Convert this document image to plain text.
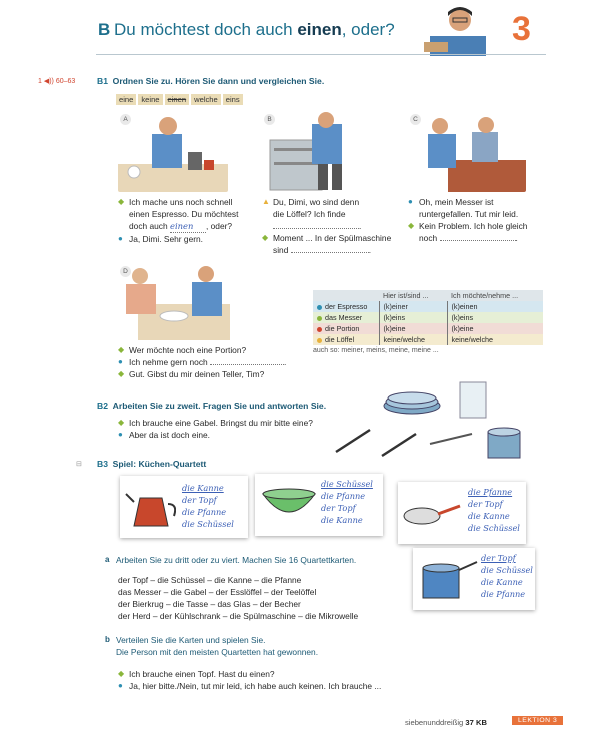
B Du möchtest doch auch einen, oder?	3
1 ◀)) 60–63	B1 Ordnen Sie zu. Hören Sie dann und vergleichen Sie.
eine	keine	einen	welche	eins
A	B	C
◆ Ich mache uns noch schnell
einen Espresso. Du möchtest
doch auch einen , oder?
● Ja, Dimi. Sehr gern.
▲ Du, Dimi, wo sind denn
die Löffel? Ich finde
.
◆ Moment ... In der Spülmaschine
sind
	.
● Oh, mein Messer ist
runtergefallen. Tut mir leid.
◆ Kein Problem. Ich hole gleich
noch
	.
D
◆ Wer möchte noch eine Portion?
● Ich nehme gern noch
	.
◆ Gut. Gibst du mir deinen Teller, Tim?
	Hier ist/sind ...	Ich möchte/nehme ...
der Espresso	(k)einer	(k)einen
das Messer	(k)eins	(k)eins
die Portion	(k)eine	(k)eine
die Löffel	keine/welche	keine/welche
auch so: meiner, meins, meine, meine ...
B2 Arbeiten Sie zu zweit. Fragen Sie und antworten Sie.
◆ Ich brauche eine Gabel. Bringst du mir bitte eine?
● Aber da ist doch eine.
⊟ B3 Spiel: Küchen-Quartett
die Kanne
der Topf
die Pfanne
die Schüssel
die Schüssel
die Pfanne
der Topf
die Kanne
die Pfanne
der Topf
die Kanne
die Schüssel
der Topf
die Schüssel
die Kanne
die Pfanne
a Arbeiten Sie zu dritt oder zu viert. Machen Sie 16 Quartettkarten.
der Topf – die Schüssel – die Kanne – die Pfanne
das Messer – die Gabel – der Esslöffel – der Teelöffel
der Bierkrug – die Tasse – das Glas – der Becher
der Herd – der Kühlschrank – die Spülmaschine – die Mikrowelle
b Verteilen Sie die Karten und spielen Sie.
Die Person mit den meisten Quartetten hat gewonnen.
◆ Ich brauche einen Topf. Hast du einen?
● Ja, hier bitte./Nein, tut mir leid, ich habe auch keinen. Ich brauche ...
siebenunddreißig 37 KB	LEKTION 3
